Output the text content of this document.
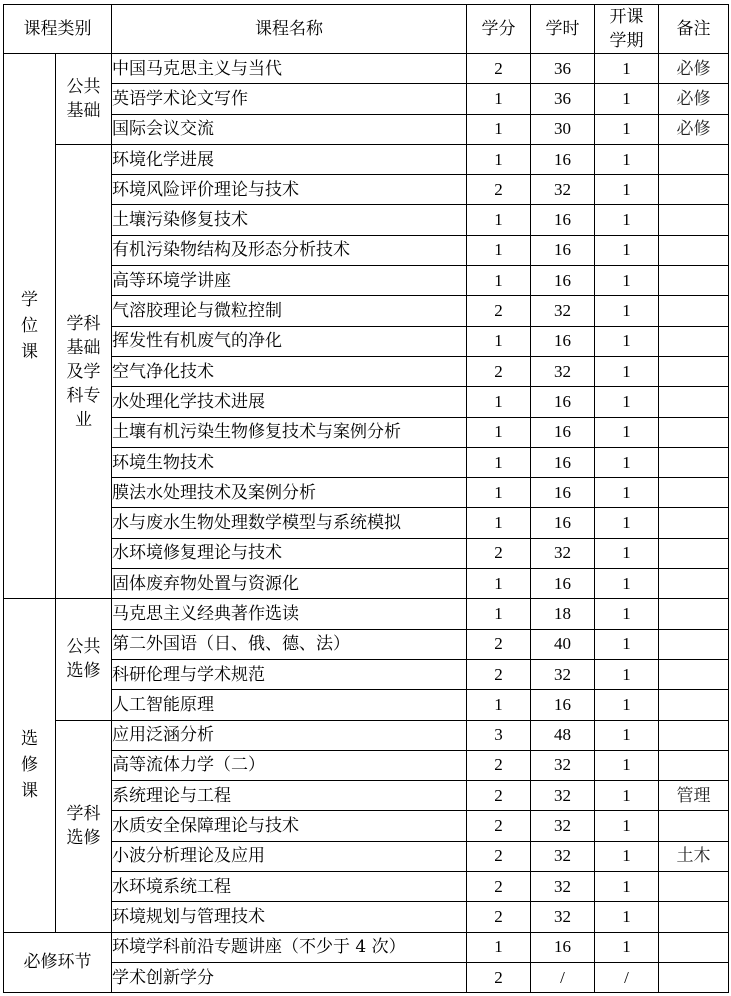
课程类别		课程名称	学分	学时	开课学期	备注
学位课	公共基础	中国马克思主义与当代	2	36	1	必修
		英语学术论文写作	1	36	1	必修
		国际会议交流	1	30	1	必修
	学科基础及学科专业	环境化学进展	1	16	1	
		环境风险评价理论与技术	2	32	1	
		土壤污染修复技术	1	16	1	
		有机污染物结构及形态分析技术	1	16	1	
		高等环境学讲座	1	16	1	
		气溶胶理论与微粒控制	2	32	1	
		挥发性有机废气的净化	1	16	1	
		空气净化技术	2	32	1	
		水处理化学技术进展	1	16	1	
		土壤有机污染生物修复技术与案例分析	1	16	1	
		环境生物技术	1	16	1	
		膜法水处理技术及案例分析	1	16	1	
		水与废水生物处理数学模型与系统模拟	1	16	1	
		水环境修复理论与技术	2	32	1	
		固体废弃物处置与资源化	1	16	1	
选修课	公共选修	马克思主义经典著作选读	1	18	1	
		第二外国语（日、俄、德、法）	2	40	1	
		科研伦理与学术规范	2	32	1	
		人工智能原理	1	16	1	
	学科选修	应用泛涵分析	3	48	1	
		高等流体力学（二）	2	32	1	
		系统理论与工程	2	32	1	管理
		水质安全保障理论与技术	2	32	1	
		小波分析理论及应用	2	32	1	土木
		水环境系统工程	2	32	1	
		环境规划与管理技术	2	32	1	
必修环节		环境学科前沿专题讲座（不少于 4 次）	1	16	1	
		学术创新学分	2	/	/	
